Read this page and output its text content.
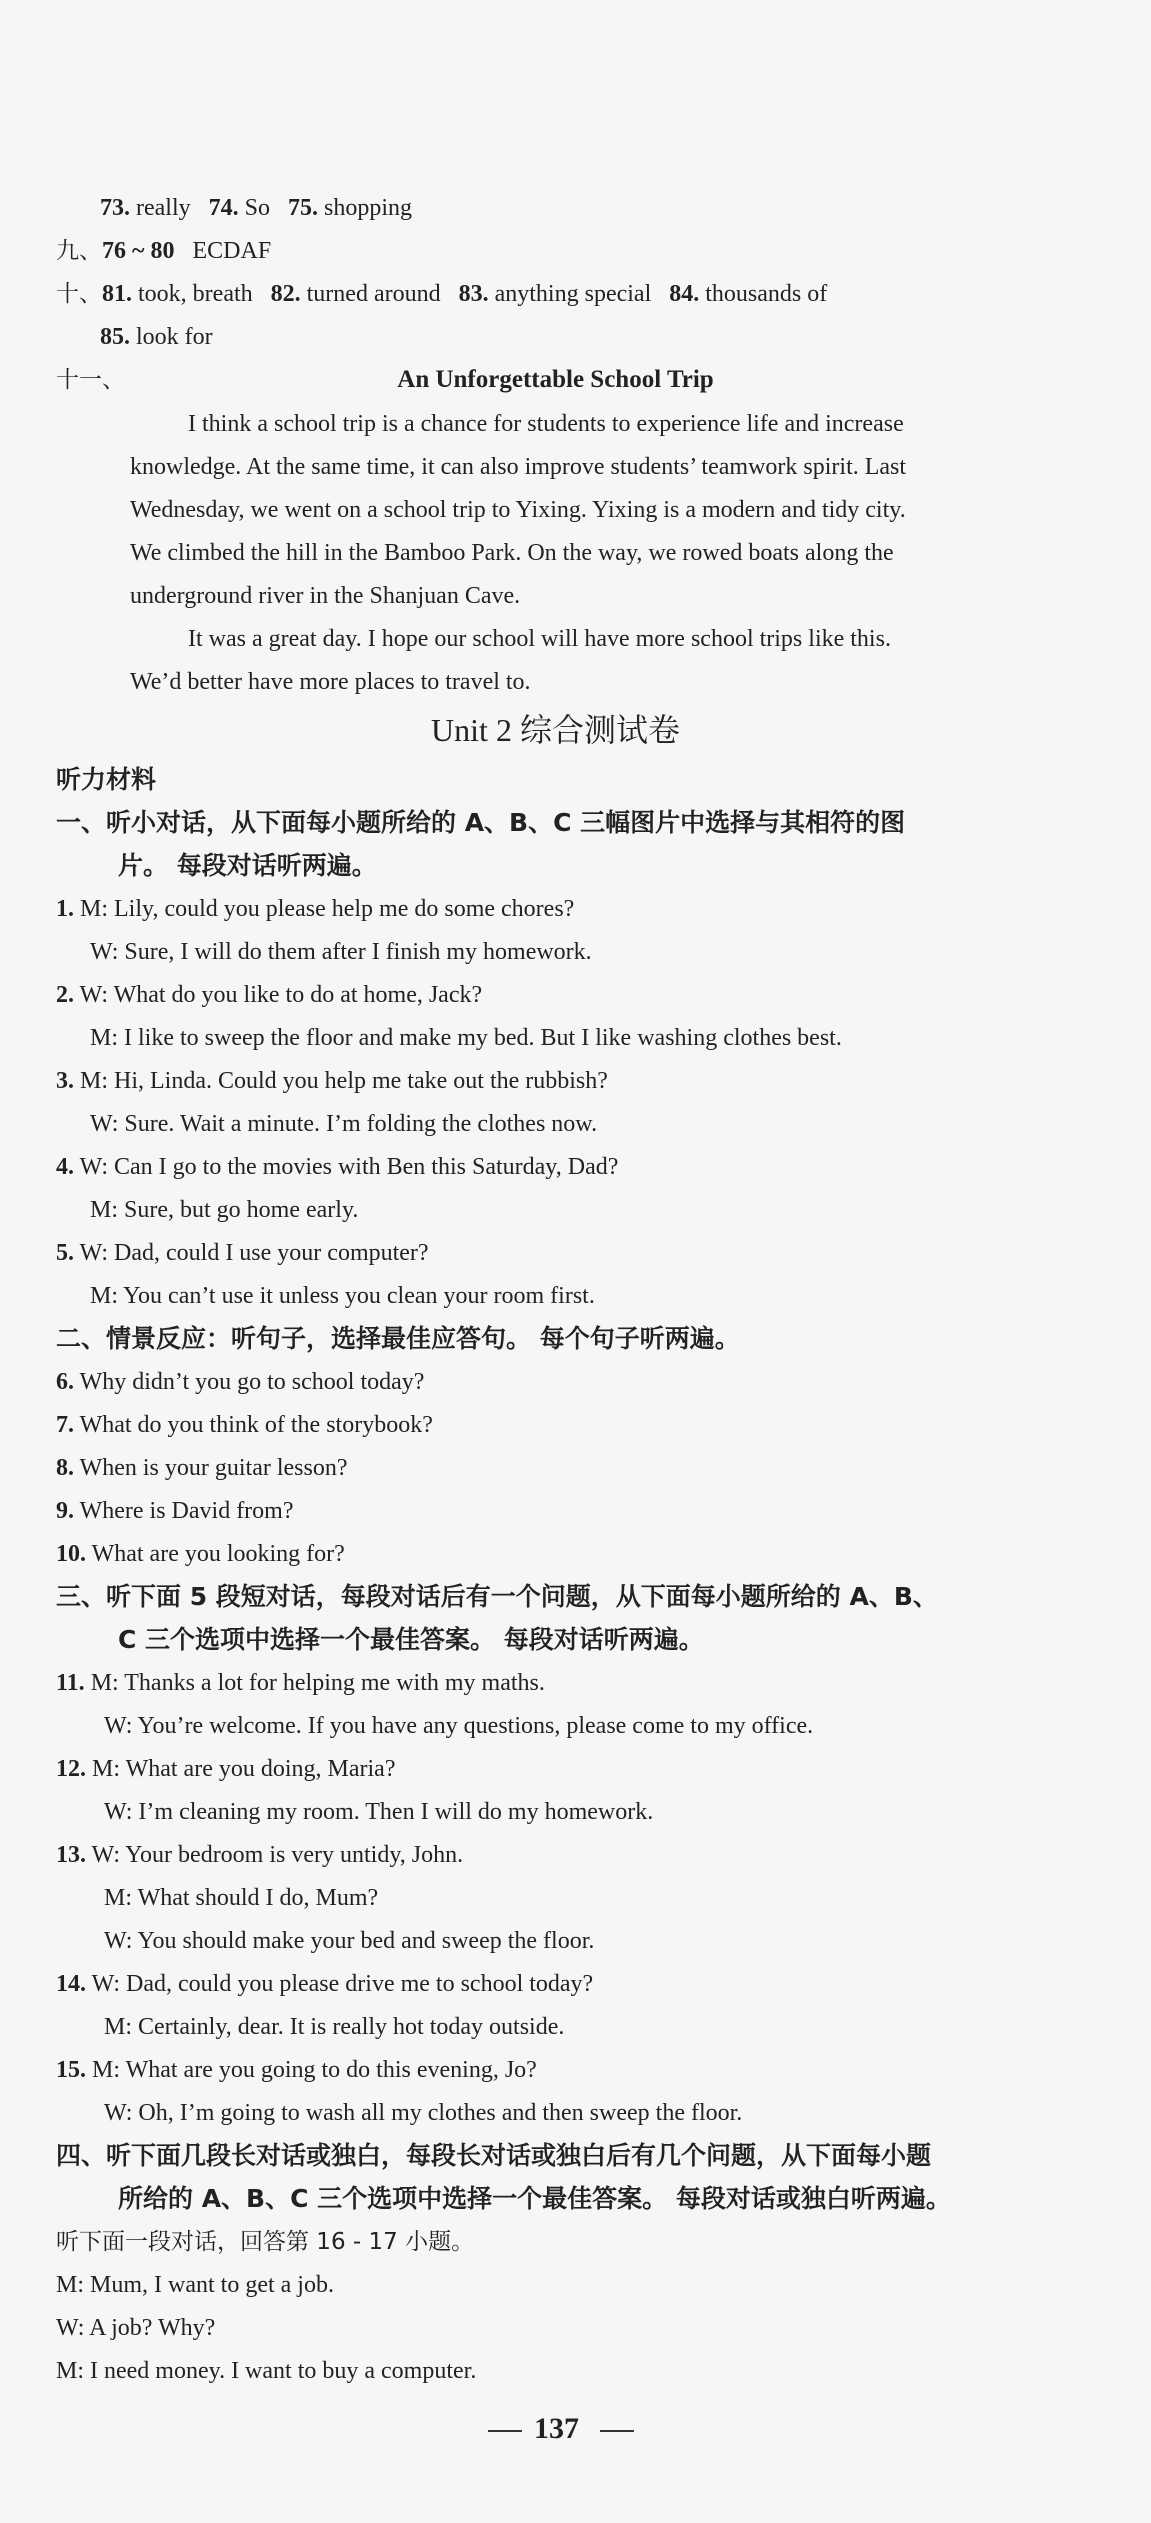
73. really 74. So 75. shopping
九、76 ~ 80 ECDAF
十、81. took, breath 82. turned around 83. anything special 84. thousands of
85. look for
十一、	An Unforgettable School Trip
I think a school trip is a chance for students to experience life and increase
knowledge. At the same time, it can also improve students’ teamwork spirit. Last
Wednesday, we went on a school trip to Yixing. Yixing is a modern and tidy city.
We climbed the hill in the Bamboo Park. On the way, we rowed boats along the
underground river in the Shanjuan Cave.
It was a great day. I hope our school will have more school trips like this.
We’d better have more places to travel to.
Unit 2 综合测试卷
听力材料
一、听小对话，从下面每小题所给的 A、B、C 三幅图片中选择与其相符的图
片。 每段对话听两遍。
1. M: Lily, could you please help me do some chores?
W: Sure, I will do them after I finish my homework.
2. W: What do you like to do at home, Jack?
M: I like to sweep the floor and make my bed. But I like washing clothes best.
3. M: Hi, Linda. Could you help me take out the rubbish?
W: Sure. Wait a minute. I’m folding the clothes now.
4. W: Can I go to the movies with Ben this Saturday, Dad?
M: Sure, but go home early.
5. W: Dad, could I use your computer?
M: You can’t use it unless you clean your room first.
二、情景反应：听句子，选择最佳应答句。 每个句子听两遍。
6. Why didn’t you go to school today?
7. What do you think of the storybook?
8. When is your guitar lesson?
9. Where is David from?
10. What are you looking for?
三、听下面 5 段短对话，每段对话后有一个问题，从下面每小题所给的 A、B、
C 三个选项中选择一个最佳答案。 每段对话听两遍。
11. M: Thanks a lot for helping me with my maths.
W: You’re welcome. If you have any questions, please come to my office.
12. M: What are you doing, Maria?
W: I’m cleaning my room. Then I will do my homework.
13. W: Your bedroom is very untidy, John.
M: What should I do, Mum?
W: You should make your bed and sweep the floor.
14. W: Dad, could you please drive me to school today?
M: Certainly, dear. It is really hot today outside.
15. M: What are you going to do this evening, Jo?
W: Oh, I’m going to wash all my clothes and then sweep the floor.
四、听下面几段长对话或独白，每段长对话或独白后有几个问题，从下面每小题
所给的 A、B、C 三个选项中选择一个最佳答案。 每段对话或独白听两遍。
听下面一段对话，回答第 16 - 17 小题。
M: Mum, I want to get a job.
W: A job? Why?
M: I need money. I want to buy a computer.
137
